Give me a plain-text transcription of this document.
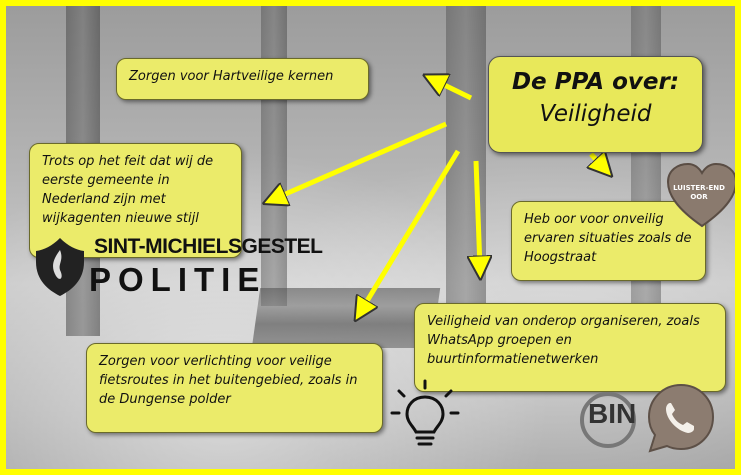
De PPA over:
Veiligheid
Zorgen voor Hartveilige kernen
Trots op het feit dat wij de eerste gemeente in Nederland zijn met wijkagenten nieuwe stijl	Heb oor voor onveilig ervaren situaties zoals de Hoogstraat
Veiligheid van onderop organiseren, zoals WhatsApp groepen en buurtinformatienetwerken
Zorgen voor verlichting voor veilige fietsroutes in het buitengebied, zoals in de Dungense polder
SINT-MICHIELSGESTEL
POLITIE
LUISTER-END OOR
BIN
